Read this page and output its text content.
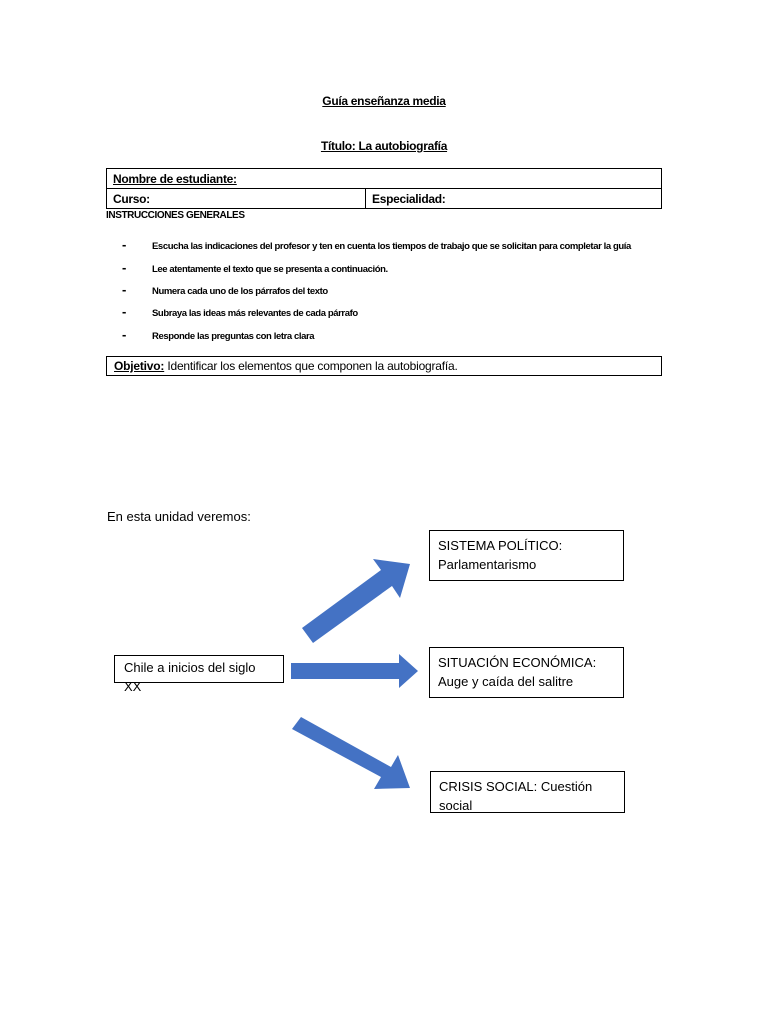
Guía enseñanza media
Título: La autobiografía
Nombre de estudiante:
Curso:	Especialidad:
INSTRUCCIONES GENERALES
-	Escucha las indicaciones del profesor y ten en cuenta los tiempos de trabajo que se solicitan para completar la guía
-	Lee atentamente el texto que se presenta a continuación.
-	Numera cada uno de los párrafos del texto
-	Subraya las ideas más relevantes de cada párrafo
-	Responde las preguntas con letra clara
Objetivo: Identificar los elementos que componen la autobiografía.
En esta unidad veremos:
Chile a inicios del siglo XX
SISTEMA POLÍTICO: Parlamentarismo
SITUACIÓN ECONÓMICA: Auge y caída del salitre
CRISIS SOCIAL: Cuestión social
